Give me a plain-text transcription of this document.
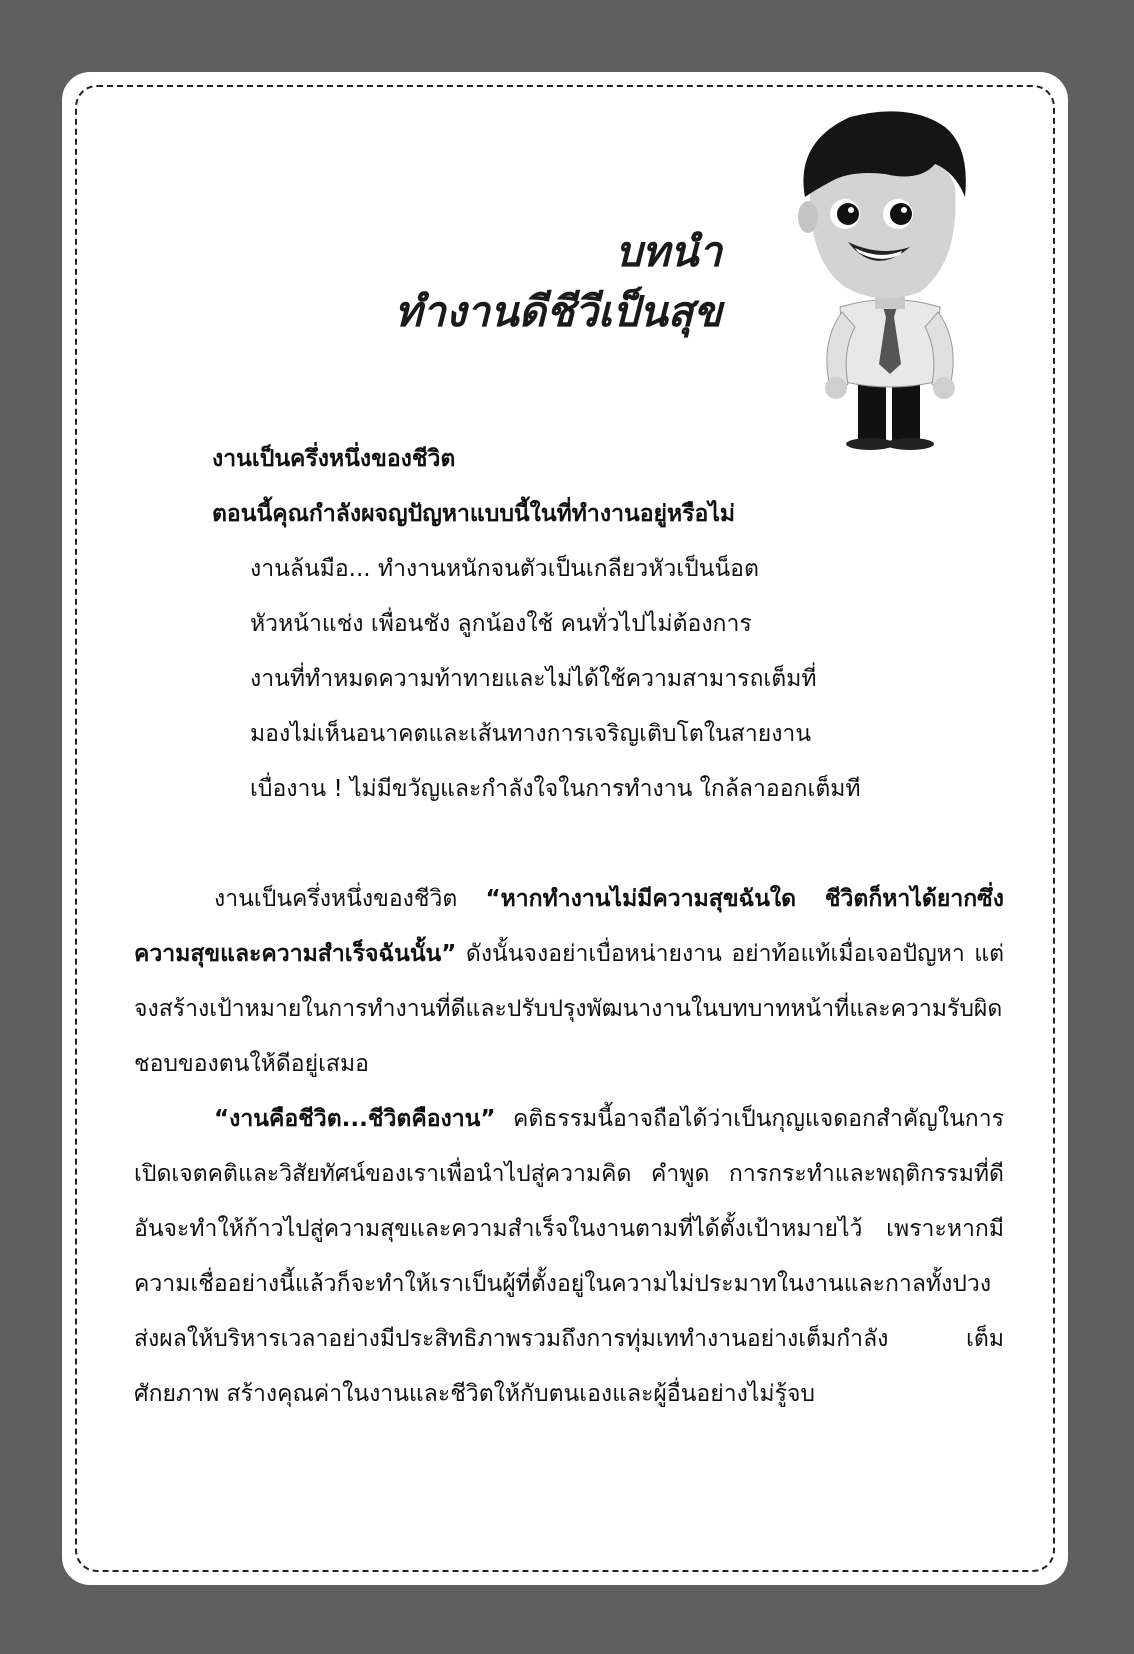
บทนำ
ทำงานดีชีวีเป็นสุข
งานเป็นครึ่งหนึ่งของชีวิต
ตอนนี้คุณกำลังผจญปัญหาแบบนี้ในที่ทำงานอยู่หรือไม่
งานล้นมือ... ทำงานหนักจนตัวเป็นเกลียวหัวเป็นน็อต
หัวหน้าแช่ง เพื่อนชัง ลูกน้องใช้ คนทั่วไปไม่ต้องการ
งานที่ทำหมดความท้าทายและไม่ได้ใช้ความสามารถเต็มที่
มองไม่เห็นอนาคตและเส้นทางการเจริญเติบโตในสายงาน
เบื่องาน ! ไม่มีขวัญและกำลังใจในการทำงาน ใกล้ลาออกเต็มที

งานเป็นครึ่งหนึ่งของชีวิต “หากทำงานไม่มีความสุขฉันใด ชีวิตก็หาได้ยากซึ่งความสุขและความสำเร็จฉันนั้น” ดังนั้นจงอย่าเบื่อหน่ายงาน อย่าท้อแท้เมื่อเจอปัญหา แต่จงสร้างเป้าหมายในการทำงานที่ดีและปรับปรุงพัฒนางานในบทบาทหน้าที่และความรับผิดชอบของตนให้ดีอยู่เสมอ

“งานคือชีวิต...ชีวิตคืองาน” คติธรรมนี้อาจถือได้ว่าเป็นกุญแจดอกสำคัญในการเปิดเจตคติและวิสัยทัศน์ของเราเพื่อนำไปสู่ความคิด คำพูด การกระทำและพฤติกรรมที่ดีอันจะทำให้ก้าวไปสู่ความสุขและความสำเร็จในงานตามที่ได้ตั้งเป้าหมายไว้ เพราะหากมีความเชื่ออย่างนี้แล้วก็จะทำให้เราเป็นผู้ที่ตั้งอยู่ในความไม่ประมาทในงานและกาลทั้งปวง ส่งผลให้บริหารเวลาอย่างมีประสิทธิภาพรวมถึงการทุ่มเททำงานอย่างเต็มกำลัง เต็มศักยภาพ สร้างคุณค่าในงานและชีวิตให้กับตนเองและผู้อื่นอย่างไม่รู้จบ
